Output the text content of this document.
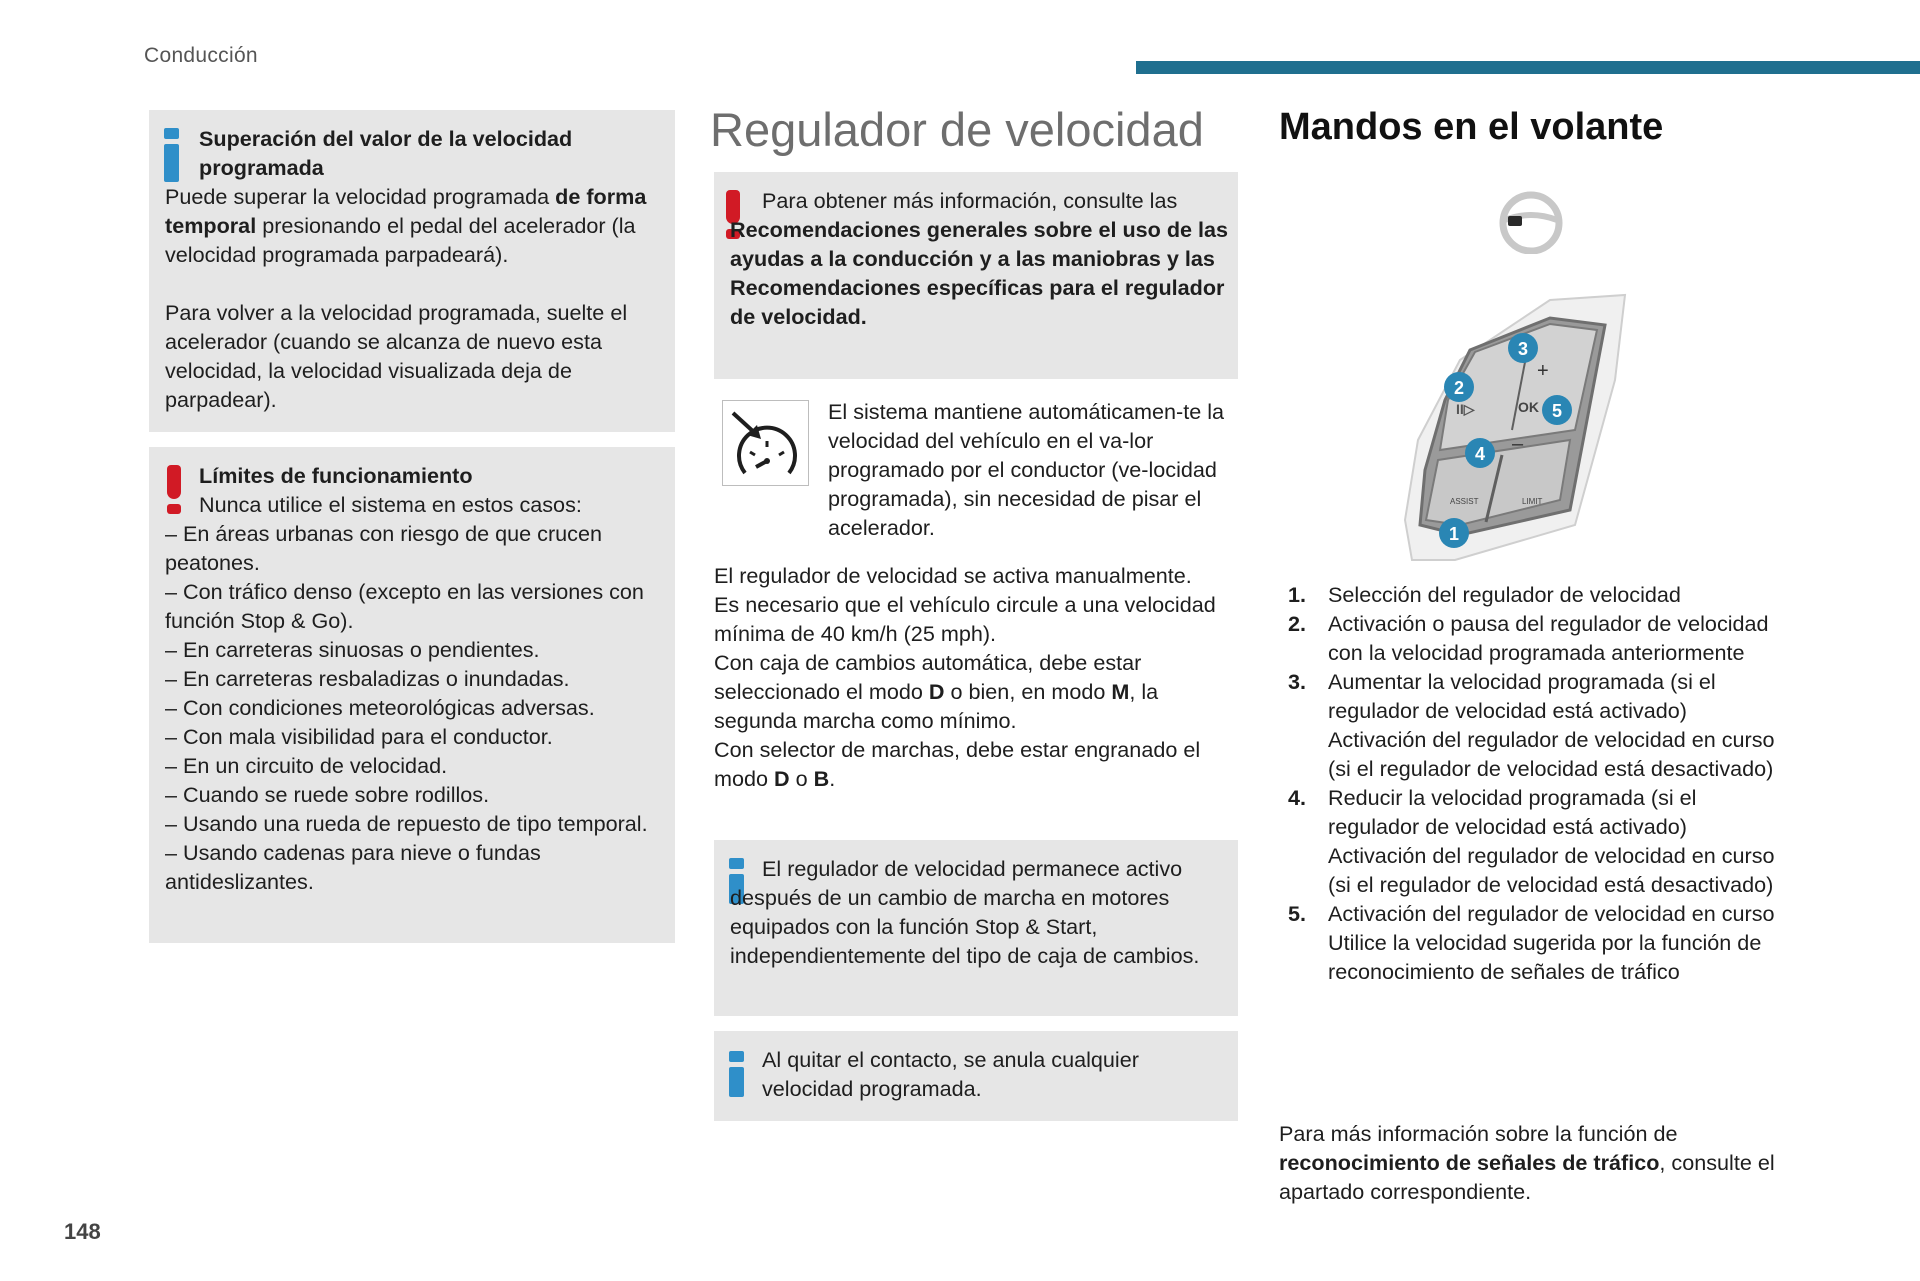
Conducción

Superación del valor de la velocidad programada

Puede superar la velocidad programada de forma temporal presionando el pedal del acelerador (la velocidad programada parpadeará).

Para volver a la velocidad programada, suelte el acelerador (cuando se alcanza de nuevo esta velocidad, la velocidad visualizada deja de parpadear).

Límites de funcionamiento

Nunca utilice el sistema en estos casos:

– En áreas urbanas con riesgo de que crucen peatones.

– Con tráfico denso (excepto en las versiones con función Stop & Go).

– En carreteras sinuosas o pendientes.

– En carreteras resbaladizas o inundadas.

– Con condiciones meteorológicas adversas.

– Con mala visibilidad para el conductor.

– En un circuito de velocidad.

– Cuando se ruede sobre rodillos.

– Usando una rueda de repuesto de tipo temporal.

– Usando cadenas para nieve o fundas antideslizantes.

Regulador de velocidad

Para obtener más información, consulte las Recomendaciones generales sobre el uso de las ayudas a la conducción y a las maniobras y las Recomendaciones específicas para el regulador de velocidad.

El sistema mantiene automáticamen-te la velocidad del vehículo en el va-lor programado por el conductor (ve-locidad programada), sin necesidad de pisar el acelerador.

El regulador de velocidad se activa manualmente.

Es necesario que el vehículo circule a una velocidad mínima de 40 km/h (25 mph).

Con caja de cambios automática, debe estar seleccionado el modo D o bien, en modo M, la segunda marcha como mínimo.

Con selector de marchas, debe estar engranado el modo D o B.

El regulador de velocidad permanece activo después de un cambio de marcha en motores equipados con la función Stop & Start, independientemente del tipo de caja de cambios.

Al quitar el contacto, se anula cualquier velocidad programada.

Mandos en el volante
+
OK
–
II▷
ASSIST	LIMIT
1
2
3
4
5
1. Selección del regulador de velocidad
2. Activación o pausa del regulador de velocidad con la velocidad programada anteriormente
3. Aumentar la velocidad programada (si el regulador de velocidad está activado)
Activación del regulador de velocidad en curso (si el regulador de velocidad está desactivado)
4. Reducir la velocidad programada (si el regulador de velocidad está activado)
Activación del regulador de velocidad en curso (si el regulador de velocidad está desactivado)
5. Activación del regulador de velocidad en curso Utilice la velocidad sugerida por la función de reconocimiento de señales de tráfico

Para más información sobre la función de reconocimiento de señales de tráfico, consulte el apartado correspondiente.

148
